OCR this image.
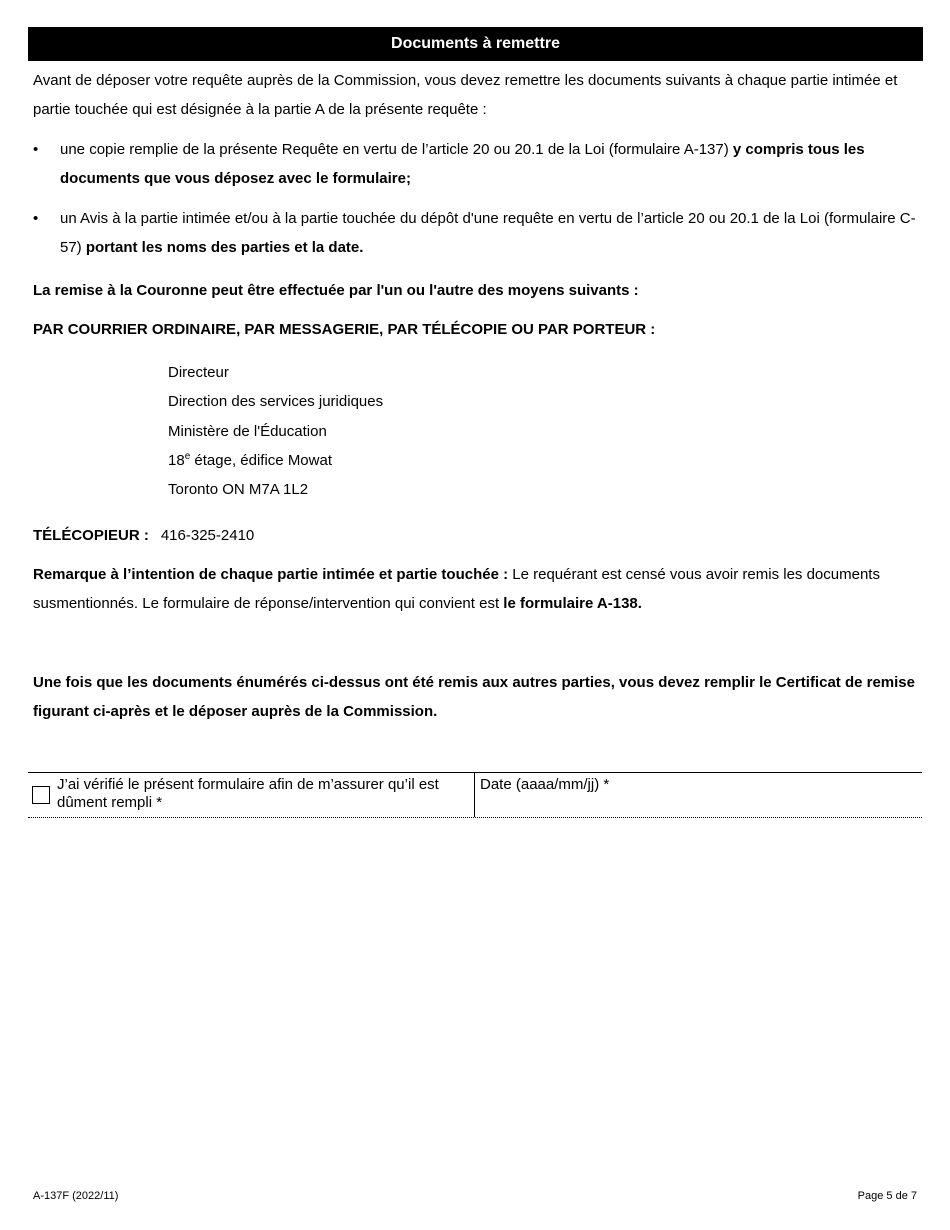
Documents à remettre

Avant de déposer votre requête auprès de la Commission, vous devez remettre les documents suivants à chaque partie intimée et partie touchée qui est désignée à la partie A de la présente requête :

•	une copie remplie de la présente Requête en vertu de l’article 20 ou 20.1 de la Loi (formulaire A-137) y compris tous les documents que vous déposez avec le formulaire;
•	un Avis à la partie intimée et/ou à la partie touchée du dépôt d'une requête en vertu de l’article 20 ou 20.1 de la Loi (formulaire C-57) portant les noms des parties et la date.

La remise à la Couronne peut être effectuée par l'un ou l'autre des moyens suivants :

PAR COURRIER ORDINAIRE, PAR MESSAGERIE, PAR TÉLÉCOPIE OU PAR PORTEUR :

Directeur
Direction des services juridiques
Ministère de l'Éducation
18e étage, édifice Mowat
Toronto ON M7A 1L2

TÉLÉCOPIEUR : 416-325-2410

Remarque à l’intention de chaque partie intimée et partie touchée : Le requérant est censé vous avoir remis les documents susmentionnés. Le formulaire de réponse/intervention qui convient est le formulaire A-138.

Une fois que les documents énumérés ci-dessus ont été remis aux autres parties, vous devez remplir le Certificat de remise figurant ci-après et le déposer auprès de la Commission.

J’ai vérifié le présent formulaire afin de m’assurer qu’il est dûment rempli *
Date (aaaa/mm/jj) *
A-137F (2022/11)	Page 5 de 7
